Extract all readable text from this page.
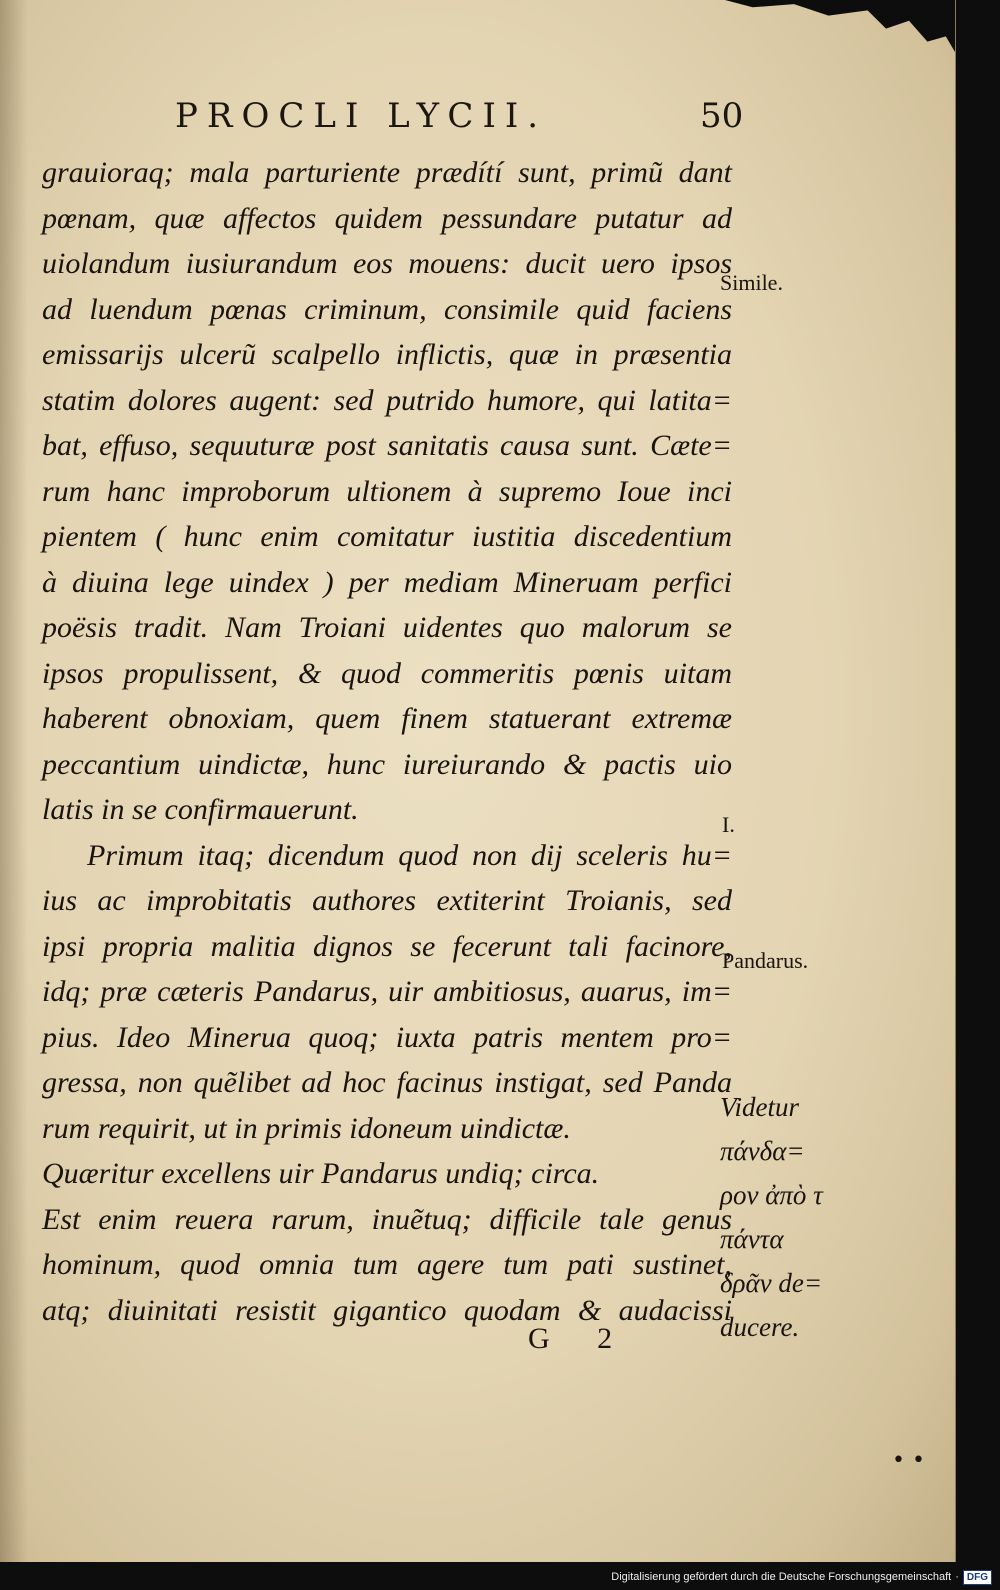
PROCLI LYCII.	50
grauioraq; mala parturiente prædítí sunt, primũ dant
pœnam, quæ affectos quidem pessundare putatur ad
uiolandum iusiurandum eos mouens: ducit uero ipsos
ad luendum pœnas criminum, consimile quid faciens
emissarijs ulcerũ scalpello inflictis, quæ in præsentia
statim dolores augent: sed putrido humore, qui latita=
bat, effuso, sequuturæ post sanitatis causa sunt. Cæte=
rum hanc improborum ultionem à supremo Ioue inci
pientem ( hunc enim comitatur iustitia discedentium
à diuina lege uindex ) per mediam Mineruam perfici
poësis tradit. Nam Troiani uidentes quo malorum se
ipsos propulissent, & quod commeritis pœnis uitam
haberent obnoxiam, quem finem statuerant extremæ
peccantium uindictæ, hunc iureiurando & pactis uio
latis in se confirmauerunt.
Primum itaq; dicendum quod non dij sceleris hu=
ius ac improbitatis authores extiterint Troianis, sed
ipsi propria malitia dignos se fecerunt tali facinore,
idq; præ cæteris Pandarus, uir ambitiosus, auarus, im=
pius. Ideo Minerua quoq; iuxta patris mentem pro=
gressa, non quẽlibet ad hoc facinus instigat, sed Panda
rum requirit, ut in primis idoneum uindictæ.
Quæritur excellens uir Pandarus undiq; circa.
Est enim reuera rarum, inuẽtuq; difficile tale genus
hominum, quod omnia tum agere tum pati sustinet,
atq; diuinitati resistit gigantico quodam & audacissi
Simile.
I.
Pandarus.
Videtur
πάνδα=
ρον ἀπὸ τ
πάντα
δρᾶν de=
ducere.
G 2
• •
Digitalisierung gefördert durch die Deutsche Forschungsgemeinschaft · DFG
